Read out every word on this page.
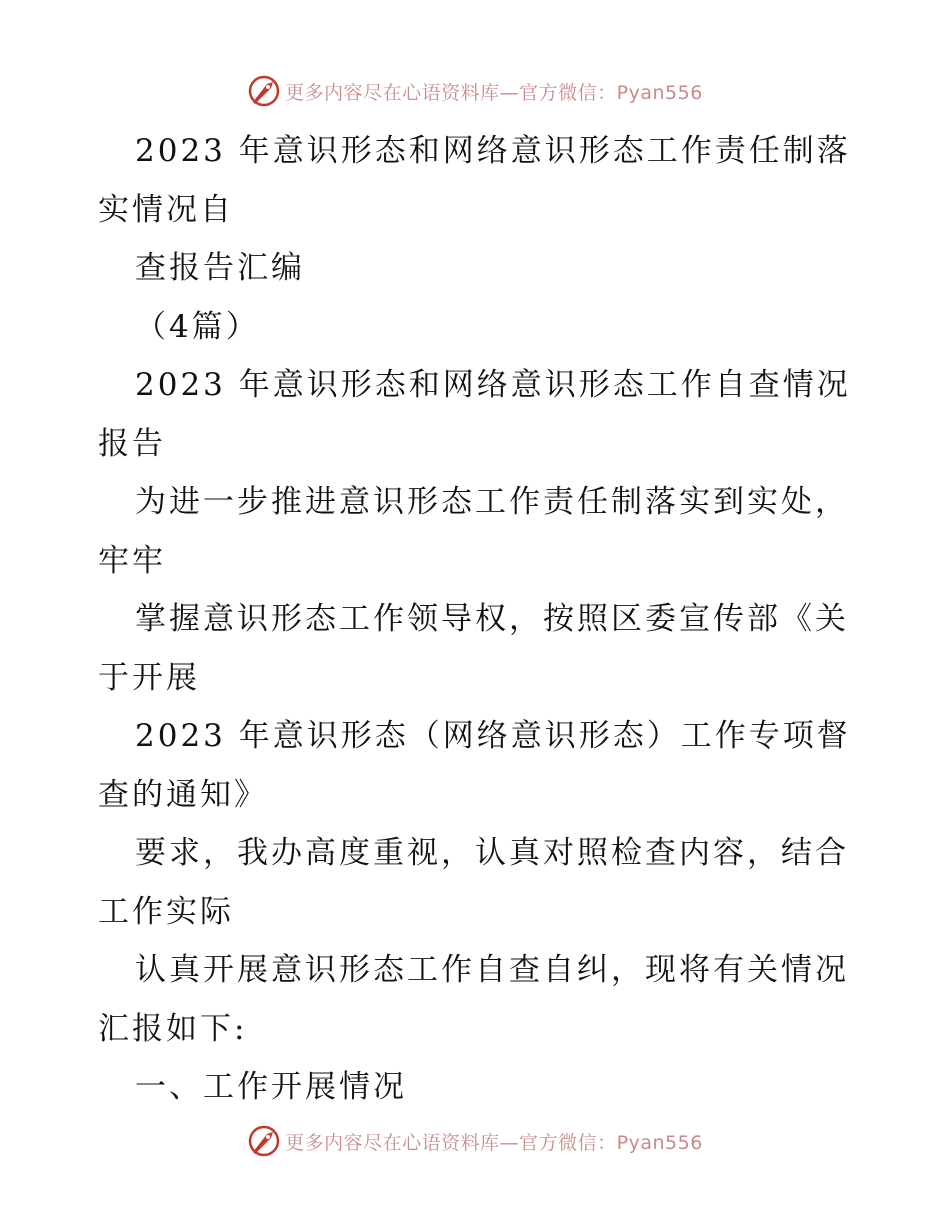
更多内容尽在心语资料库—官方微信：Pyan556
2023 年意识形态和网络意识形态工作责任制落
实情况自
查报告汇编
（4篇）
2023 年意识形态和网络意识形态工作自查情况
报告
为进一步推进意识形态工作责任制落实到实处，
牢牢
掌握意识形态工作领导权，按照区委宣传部《关
于开展
2023 年意识形态（网络意识形态）工作专项督
查的通知》
要求，我办高度重视，认真对照检查内容，结合
工作实际
认真开展意识形态工作自查自纠，现将有关情况
汇报如下:
一、工作开展情况
更多内容尽在心语资料库—官方微信：Pyan556
